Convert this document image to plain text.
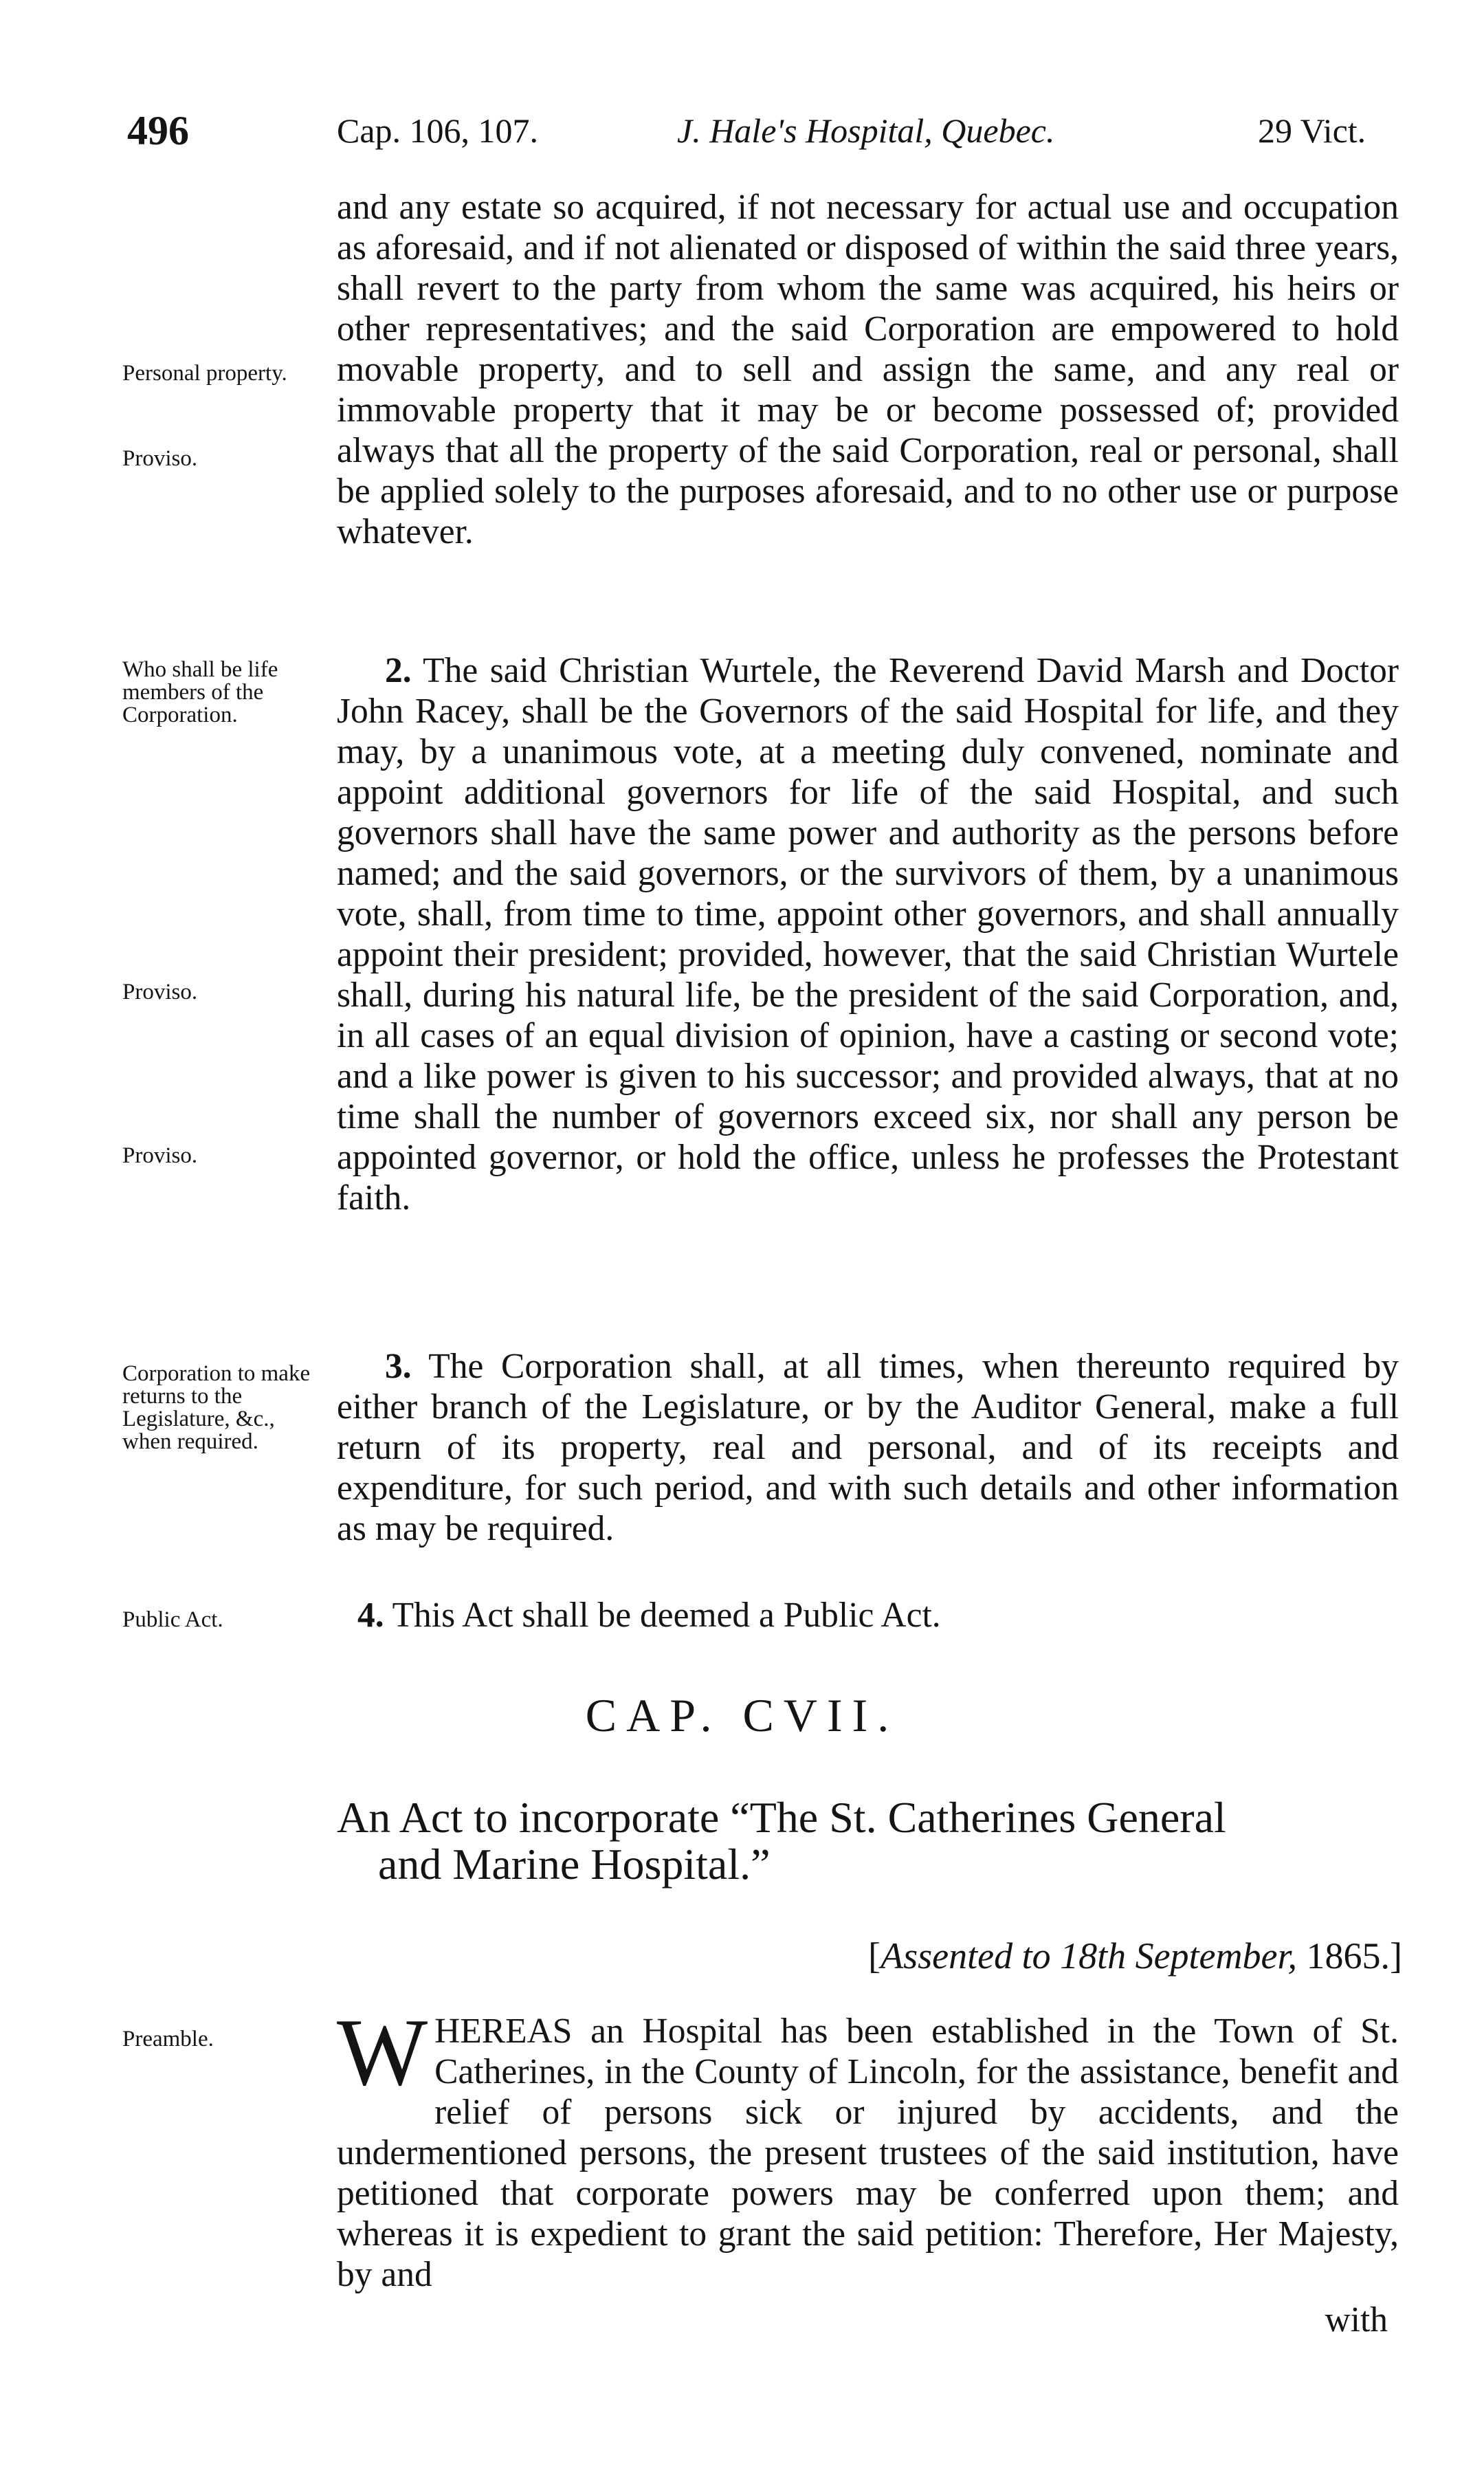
496	Cap. 106, 107.	J. Hale's Hospital, Quebec.	29 Vict.

and any estate so acquired, if not necessary for actual use and occupation as aforesaid, and if not alienated or disposed of within the said three years, shall revert to the party from whom the same was acquired, his heirs or other representatives; and the said Corporation are empowered to hold movable property, and to sell and assign the same, and any real or immovable property that it may be or become possessed of; provided always that all the property of the said Corporation, real or personal, shall be applied solely to the purposes aforesaid, and to no other use or purpose whatever.

Personal property.
Proviso.

2. The said Christian Wurtele, the Reverend David Marsh and Doctor John Racey, shall be the Governors of the said Hospital for life, and they may, by a unanimous vote, at a meeting duly convened, nominate and appoint additional governors for life of the said Hospital, and such governors shall have the same power and authority as the persons before named; and the said governors, or the survivors of them, by a unanimous vote, shall, from time to time, appoint other governors, and shall annually appoint their president; provided, however, that the said Christian Wurtele shall, during his natural life, be the president of the said Corporation, and, in all cases of an equal division of opinion, have a casting or second vote; and a like power is given to his successor; and provided always, that at no time shall the number of governors exceed six, nor shall any person be appointed governor, or hold the office, unless he professes the Protestant faith.

Who shall be life members of the Corporation.
Proviso.
Proviso.

3. The Corporation shall, at all times, when thereunto required by either branch of the Legislature, or by the Auditor General, make a full return of its property, real and personal, and of its receipts and expenditure, for such period, and with such details and other information as may be required.

Corporation to make returns to the Legislature, &c., when required.

4. This Act shall be deemed a Public Act.

Public Act.
CAP. CVII.
An Act to incorporate “The St. Catherines General
and Marine Hospital.”
[Assented to 18th September, 1865.]

WHEREAS an Hospital has been established in the Town of St. Catherines, in the County of Lincoln, for the assistance, benefit and relief of persons sick or injured by accidents, and the undermentioned persons, the present trustees of the said institution, have petitioned that corporate powers may be conferred upon them; and whereas it is expedient to grant the said petition: Therefore, Her Majesty, by and

Preamble.
with
